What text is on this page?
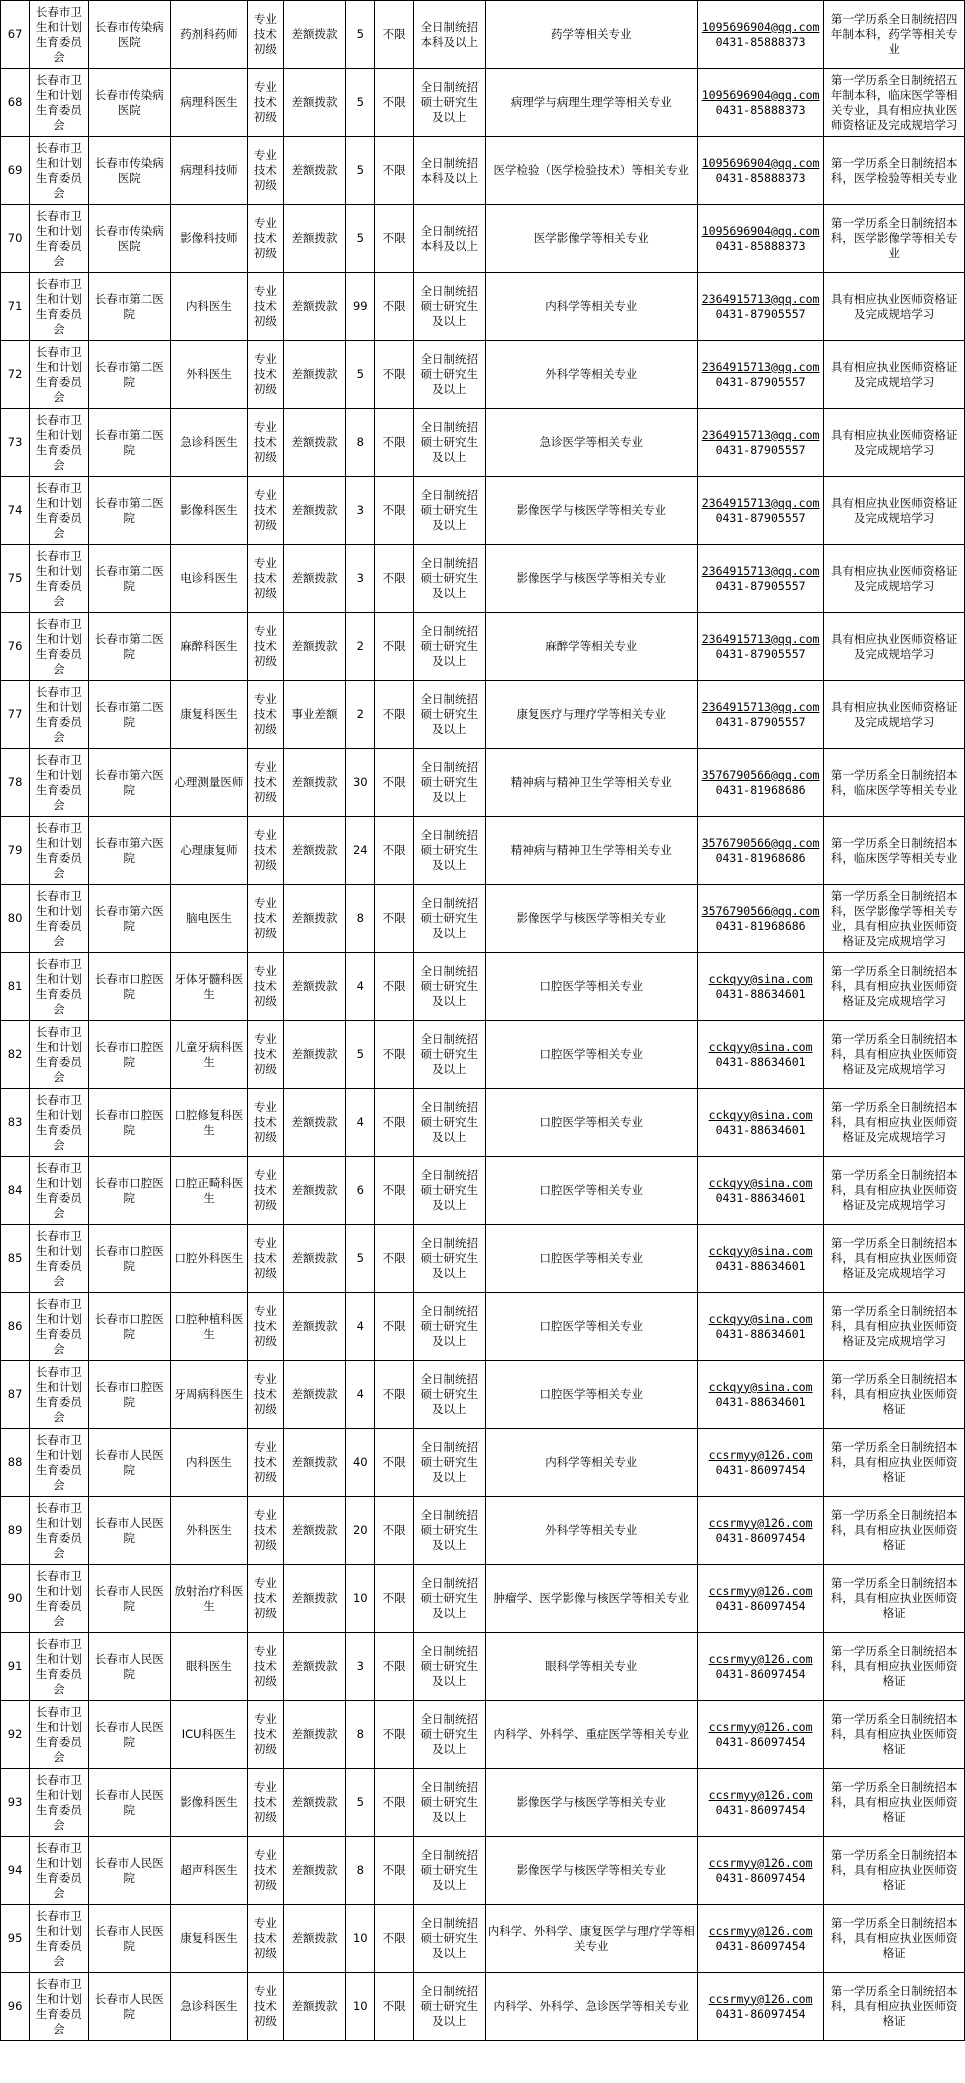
67	长春市卫生和计划生育委员会	长春市传染病医院	药剂科药师	专业技术初级	差额拨款	5	不限	全日制统招本科及以上	药学等相关专业	1095696904@qq.com
0431-85888373	第一学历系全日制统招四年制本科，药学等相关专业
68	长春市卫生和计划生育委员会	长春市传染病医院	病理科医生	专业技术初级	差额拨款	5	不限	全日制统招硕士研究生及以上	病理学与病理生理学等相关专业	1095696904@qq.com
0431-85888373	第一学历系全日制统招五年制本科，临床医学等相关专业，具有相应执业医师资格证及完成规培学习
69	长春市卫生和计划生育委员会	长春市传染病医院	病理科技师	专业技术初级	差额拨款	5	不限	全日制统招本科及以上	医学检验（医学检验技术）等相关专业	1095696904@qq.com
0431-85888373	第一学历系全日制统招本科，医学检验等相关专业
70	长春市卫生和计划生育委员会	长春市传染病医院	影像科技师	专业技术初级	差额拨款	5	不限	全日制统招本科及以上	医学影像学等相关专业	1095696904@qq.com
0431-85888373	第一学历系全日制统招本科，医学影像学等相关专业
71	长春市卫生和计划生育委员会	长春市第二医院	内科医生	专业技术初级	差额拨款	99	不限	全日制统招硕士研究生及以上	内科学等相关专业	2364915713@qq.com
0431-87905557	具有相应执业医师资格证及完成规培学习
72	长春市卫生和计划生育委员会	长春市第二医院	外科医生	专业技术初级	差额拨款	5	不限	全日制统招硕士研究生及以上	外科学等相关专业	2364915713@qq.com
0431-87905557	具有相应执业医师资格证及完成规培学习
73	长春市卫生和计划生育委员会	长春市第二医院	急诊科医生	专业技术初级	差额拨款	8	不限	全日制统招硕士研究生及以上	急诊医学等相关专业	2364915713@qq.com
0431-87905557	具有相应执业医师资格证及完成规培学习
74	长春市卫生和计划生育委员会	长春市第二医院	影像科医生	专业技术初级	差额拨款	3	不限	全日制统招硕士研究生及以上	影像医学与核医学等相关专业	2364915713@qq.com
0431-87905557	具有相应执业医师资格证及完成规培学习
75	长春市卫生和计划生育委员会	长春市第二医院	电诊科医生	专业技术初级	差额拨款	3	不限	全日制统招硕士研究生及以上	影像医学与核医学等相关专业	2364915713@qq.com
0431-87905557	具有相应执业医师资格证及完成规培学习
76	长春市卫生和计划生育委员会	长春市第二医院	麻醉科医生	专业技术初级	差额拨款	2	不限	全日制统招硕士研究生及以上	麻醉学等相关专业	2364915713@qq.com
0431-87905557	具有相应执业医师资格证及完成规培学习
77	长春市卫生和计划生育委员会	长春市第二医院	康复科医生	专业技术初级	事业差额	2	不限	全日制统招硕士研究生及以上	康复医疗与理疗学等相关专业	2364915713@qq.com
0431-87905557	具有相应执业医师资格证及完成规培学习
78	长春市卫生和计划生育委员会	长春市第六医院	心理测量医师	专业技术初级	差额拨款	30	不限	全日制统招硕士研究生及以上	精神病与精神卫生学等相关专业	3576790566@qq.com
0431-81968686	第一学历系全日制统招本科，临床医学等相关专业
79	长春市卫生和计划生育委员会	长春市第六医院	心理康复师	专业技术初级	差额拨款	24	不限	全日制统招硕士研究生及以上	精神病与精神卫生学等相关专业	3576790566@qq.com
0431-81968686	第一学历系全日制统招本科，临床医学等相关专业
80	长春市卫生和计划生育委员会	长春市第六医院	脑电医生	专业技术初级	差额拨款	8	不限	全日制统招硕士研究生及以上	影像医学与核医学等相关专业	3576790566@qq.com
0431-81968686	第一学历系全日制统招本科，医学影像学等相关专业，具有相应执业医师资格证及完成规培学习
81	长春市卫生和计划生育委员会	长春市口腔医院	牙体牙髓科医生	专业技术初级	差额拨款	4	不限	全日制统招硕士研究生及以上	口腔医学等相关专业	cckqyy@sina.com
0431-88634601	第一学历系全日制统招本科，具有相应执业医师资格证及完成规培学习
82	长春市卫生和计划生育委员会	长春市口腔医院	儿童牙病科医生	专业技术初级	差额拨款	5	不限	全日制统招硕士研究生及以上	口腔医学等相关专业	cckqyy@sina.com
0431-88634601	第一学历系全日制统招本科，具有相应执业医师资格证及完成规培学习
83	长春市卫生和计划生育委员会	长春市口腔医院	口腔修复科医生	专业技术初级	差额拨款	4	不限	全日制统招硕士研究生及以上	口腔医学等相关专业	cckqyy@sina.com
0431-88634601	第一学历系全日制统招本科，具有相应执业医师资格证及完成规培学习
84	长春市卫生和计划生育委员会	长春市口腔医院	口腔正畸科医生	专业技术初级	差额拨款	6	不限	全日制统招硕士研究生及以上	口腔医学等相关专业	cckqyy@sina.com
0431-88634601	第一学历系全日制统招本科，具有相应执业医师资格证及完成规培学习
85	长春市卫生和计划生育委员会	长春市口腔医院	口腔外科医生	专业技术初级	差额拨款	5	不限	全日制统招硕士研究生及以上	口腔医学等相关专业	cckqyy@sina.com
0431-88634601	第一学历系全日制统招本科，具有相应执业医师资格证及完成规培学习
86	长春市卫生和计划生育委员会	长春市口腔医院	口腔种植科医生	专业技术初级	差额拨款	4	不限	全日制统招硕士研究生及以上	口腔医学等相关专业	cckqyy@sina.com
0431-88634601	第一学历系全日制统招本科，具有相应执业医师资格证及完成规培学习
87	长春市卫生和计划生育委员会	长春市口腔医院	牙周病科医生	专业技术初级	差额拨款	4	不限	全日制统招硕士研究生及以上	口腔医学等相关专业	cckqyy@sina.com
0431-88634601	第一学历系全日制统招本科，具有相应执业医师资格证
88	长春市卫生和计划生育委员会	长春市人民医院	内科医生	专业技术初级	差额拨款	40	不限	全日制统招硕士研究生及以上	内科学等相关专业	ccsrmyy@126.com
0431-86097454	第一学历系全日制统招本科，具有相应执业医师资格证
89	长春市卫生和计划生育委员会	长春市人民医院	外科医生	专业技术初级	差额拨款	20	不限	全日制统招硕士研究生及以上	外科学等相关专业	ccsrmyy@126.com
0431-86097454	第一学历系全日制统招本科，具有相应执业医师资格证
90	长春市卫生和计划生育委员会	长春市人民医院	放射治疗科医生	专业技术初级	差额拨款	10	不限	全日制统招硕士研究生及以上	肿瘤学、医学影像与核医学等相关专业	ccsrmyy@126.com
0431-86097454	第一学历系全日制统招本科，具有相应执业医师资格证
91	长春市卫生和计划生育委员会	长春市人民医院	眼科医生	专业技术初级	差额拨款	3	不限	全日制统招硕士研究生及以上	眼科学等相关专业	ccsrmyy@126.com
0431-86097454	第一学历系全日制统招本科，具有相应执业医师资格证
92	长春市卫生和计划生育委员会	长春市人民医院	ICU科医生	专业技术初级	差额拨款	8	不限	全日制统招硕士研究生及以上	内科学、外科学、重症医学等相关专业	ccsrmyy@126.com
0431-86097454	第一学历系全日制统招本科，具有相应执业医师资格证
93	长春市卫生和计划生育委员会	长春市人民医院	影像科医生	专业技术初级	差额拨款	5	不限	全日制统招硕士研究生及以上	影像医学与核医学等相关专业	ccsrmyy@126.com
0431-86097454	第一学历系全日制统招本科，具有相应执业医师资格证
94	长春市卫生和计划生育委员会	长春市人民医院	超声科医生	专业技术初级	差额拨款	8	不限	全日制统招硕士研究生及以上	影像医学与核医学等相关专业	ccsrmyy@126.com
0431-86097454	第一学历系全日制统招本科，具有相应执业医师资格证
95	长春市卫生和计划生育委员会	长春市人民医院	康复科医生	专业技术初级	差额拨款	10	不限	全日制统招硕士研究生及以上	内科学、外科学、康复医学与理疗学等相关专业	ccsrmyy@126.com
0431-86097454	第一学历系全日制统招本科，具有相应执业医师资格证
96	长春市卫生和计划生育委员会	长春市人民医院	急诊科医生	专业技术初级	差额拨款	10	不限	全日制统招硕士研究生及以上	内科学、外科学、急诊医学等相关专业	ccsrmyy@126.com
0431-86097454	第一学历系全日制统招本科，具有相应执业医师资格证
